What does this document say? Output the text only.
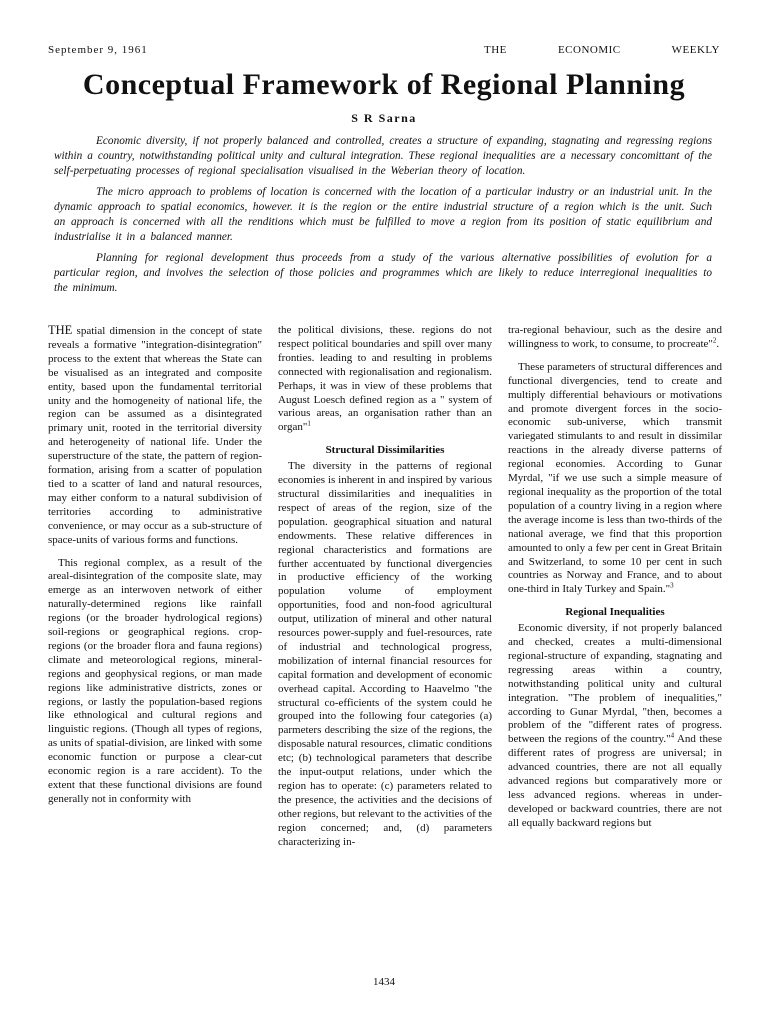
September 9, 1961	THE	ECONOMIC	WEEKLY
Conceptual Framework of Regional Planning
S R Sarna

Economic diversity, if not properly balanced and controlled, creates a structure of expanding, stagnating and regressing regions within a country, notwithstanding political unity and cultural integration. These regional inequalities are a necessary concomittant of the self-perpetuating processes of regional specialisation visualised in the Weberian theory of location.

The micro approach to problems of location is concerned with the location of a particular industry or an industrial unit. In the dynamic approach to spatial economics, however. it is the region or the entire industrial structure of a region which is the unit. Such an approach is concerned with all the renditions which must be fulfilled to move a region from its position of static equilibrium and industrialise it in a balanced manner.

Planning for regional development thus proceeds from a study of the various alternative possibilities of evolution for a particular region, and involves the selection of those policies and programmes which are likely to reduce interregional inequalities to the minimum.

THE spatial dimension in the concept of state reveals a formative "integration-disintegration" process to the extent that whereas the State can be visualised as an integrated and composite entity, based upon the fundamental territorial unity and the homogeneity of national life, the region can be assumed as a disintegrated primary unit, rooted in the territorial diversity and heterogeneity of national life. Under the superstructure of the state, the pattern of region-formation, arising from a scatter of population tied to a scatter of land and natural resources, may either conform to a natural subdivision of territories according to administrative convenience, or may occur as a sub-structure of space-units of various forms and functions.

This regional complex, as a result of the areal-disintegration of the composite slate, may emerge as an interwoven network of either naturally-determined regions like rainfall regions (or the broader hydrological regions) soil-regions or geographical regions. crop-regions (or the broader flora and fauna regions) climate and meteorological regions, mineral-regions and geophysical regions, or man made regions like administrative districts, zones or regions, or lastly the population-based regions like ethnological and cultural regions and linguistic regions. (Though all types of regions, as units of spatial-division, are linked with some economic function or purpose a clear-cut economic region is a rare accident). To the extent that these functional divisions are found generally not in conformity with

the political divisions, these. regions do not respect political boundaries and spill over many fronties. leading to and resulting in problems connected with regionalisation and regionalism. Perhaps, it was in view of these problems that August Loesch defined region as a " system of various areas, an organisation rather than an organ"$^1$

Structural Dissimilarities

The diversity in the patterns of regional economies is inherent in and inspired by various structural dissimilarities and inequalities in respect of areas of the region, size of the population. geographical situation and natural endowments. These relative differences in regional characteristics and formations are further accentuated by functional divergencies in productive efficiency of the working population volume of employment opportunities, food and non-food agricultural output, utilization of mineral and other natural resources power-supply and fuel-resources, rate of industrial and technological progress, mobilization of internal financial resources for capital formation and development of economic overhead capital. According to Haavelmo "the structural co-efficients of the system could he grouped into the following four categories (a) parmeters describing the size of the regions, the disposable natural resources, climatic conditions etc; (b) technological parameters that describe the input-output relations, under which the region has to operate: (c) parameters related to the presence, the activities and the decisions of other regions, but relevant to the activities of the region concerned; and, (d) parameters characterizing in-

tra-regional behaviour, such as the desire and willingness to work, to consume, to procreate"$^2$.

These parameters of structural differences and functional divergencies, tend to create and multiply differential behaviours or motivations and promote divergent forces in the socio-economic sub-universe, which transmit variegated stimulants to and result in dissimilar reactions in the already diverse patterns of regional economies. According to Gunar Myrdal, "if we use such a simple measure of regional inequality as the proportion of the total population of a country living in a region where the average income is less than two-thirds of the national average, we find that this proportion amounted to only a few per cent in Great Britain and Switzerland, to some 10 per cent in such countries as Norway and France, and to about one-third in Italy Turkey and Spain."$^3$

Regional Inequalities

Economic diversity, if not properly balanced and checked, creates a multi-dimensional regional-structure of expanding, stagnating and regressing areas within a country, notwithstanding political unity and cultural integration. "The problem of inequalities," according to Gunar Myrdal, "then, becomes a problem of the "different rates of progress. between the regions of the country."$^4$ And these different rates of progress are universal; in advanced countries, there are not all equally advanced regions but comparatively more or less advanced regions. whereas in under-developed or backward countries, there are not all equally backward regions but

1434
